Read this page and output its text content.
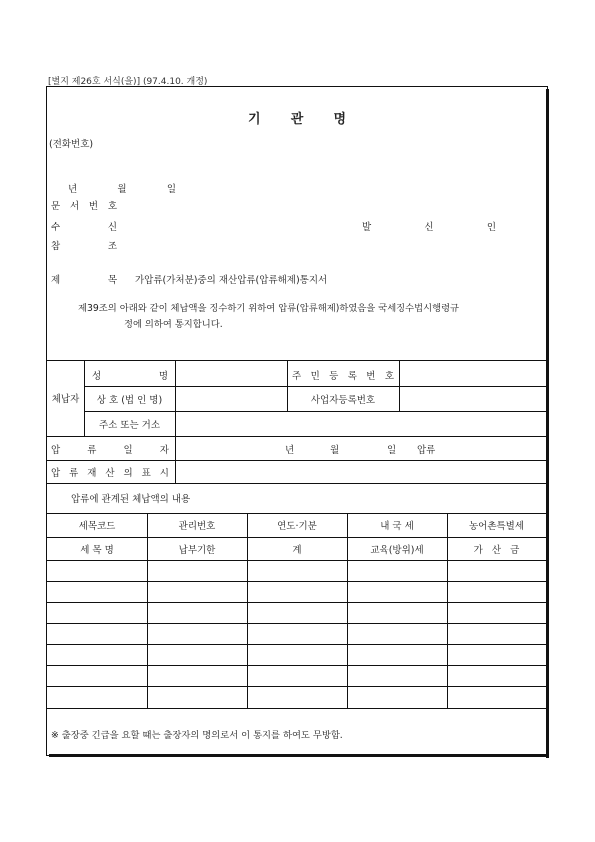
[별지 제26호 서식(을)] (97.4.10. 개정)
기 관 명
(전화번호)
년	월	일
문 서 번 호
수	신	발	신	인
참	조
제	목 가압류(가처분)중의 재산압류(압류해제)통지서
제39조의 아래와 같이 체납액을 징수하기 위하여 압류(압류해제)하였음을 국세징수법시행령규
정에 의하여 통지합니다.
체납자
성	명	주 민 등 록 번 호
상 호 (법 인 명)	사업자등록번호
주소 또는 거소
압	류	일	자	년	월	일 압류
압 류 재 산 의 표 시
압류에 관계된 체납액의 내용
세목코드	관리번호	연도·기분	내 국 세	농어촌특별세
세 목 명	납부기한	계	교육(방위)세	가   산   금
※ 출장중 긴급을 요할 때는 출장자의 명의로서 이 통지를 하여도 무방함.
